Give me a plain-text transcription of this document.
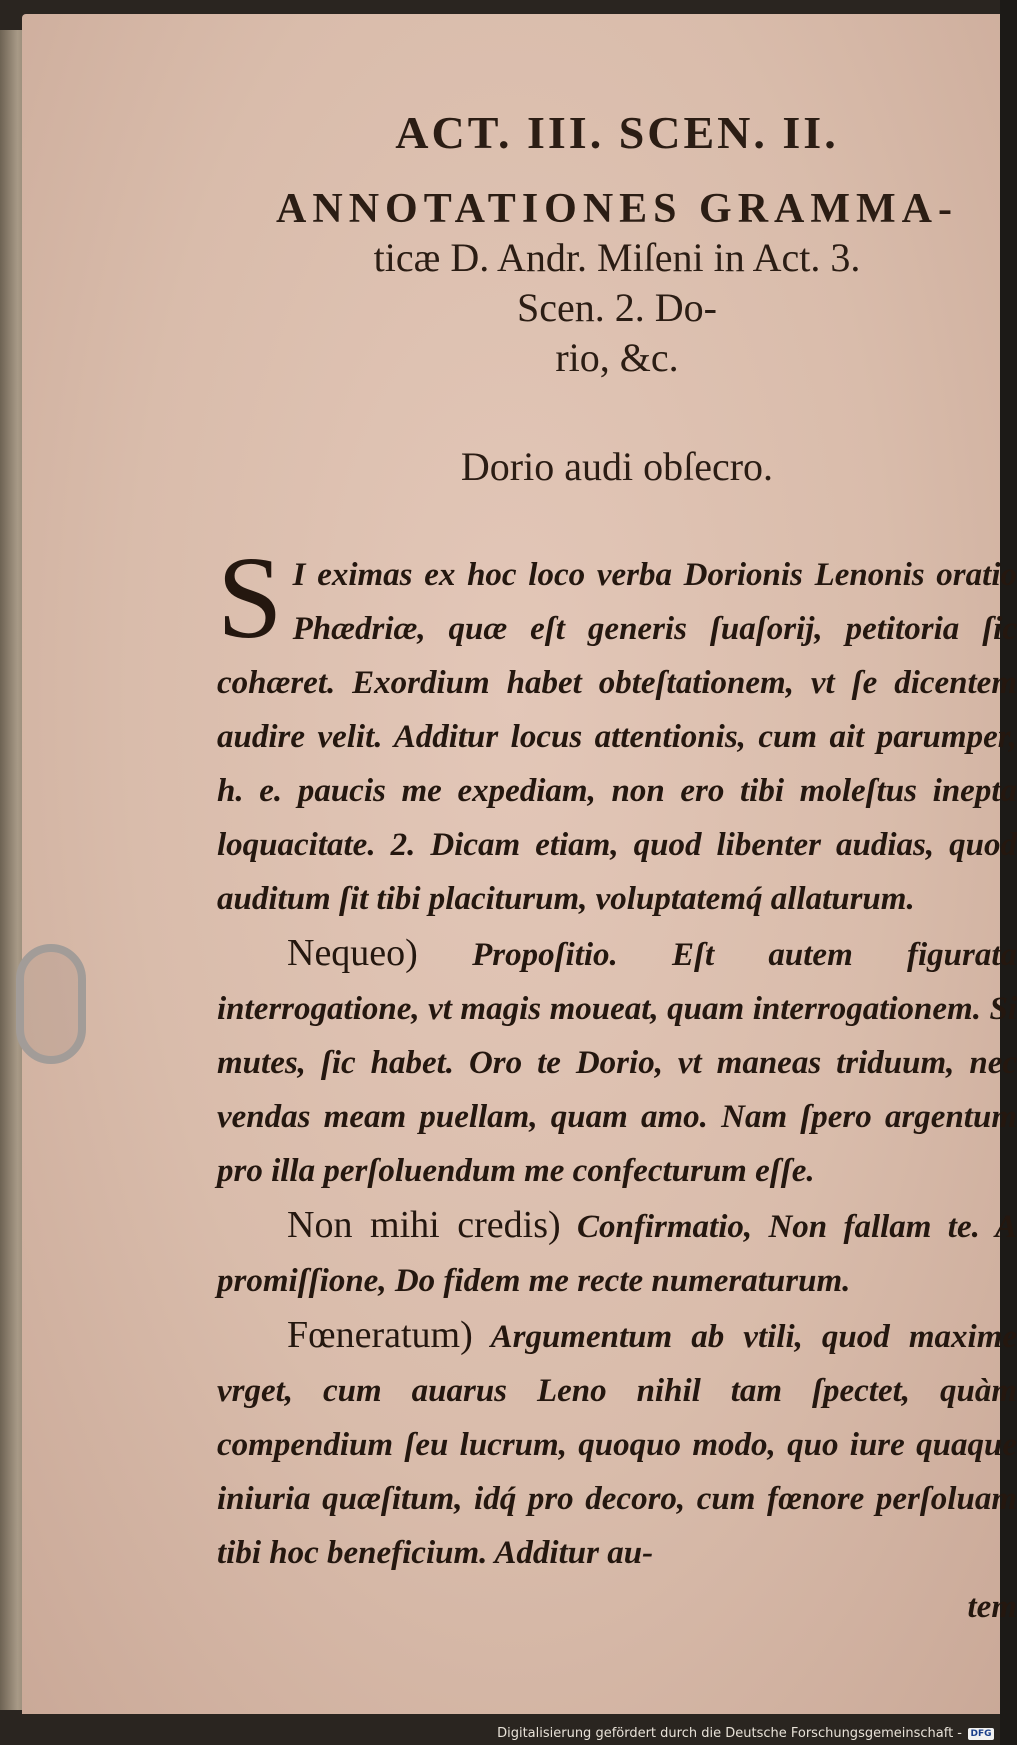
ACT. III. SCEN. II.
ANNOTATIONES GRAMMA-
ticæ D. Andr. Miſeni in Act. 3.
Scen. 2. Do-
rio, &c.
Dorio audi obſecro.

S I eximas ex hoc loco verba Dorionis Lenonis oratio Phædriæ, quæ eſt generis ſuaſorij, petitoria ſic cohæret. Exordium habet obteſtationem, vt ſe dicentem audire velit. Additur locus attentionis, cum ait parumper, h. e. paucis me expediam, non ero tibi moleſtus inepta loquacitate. 2. Dicam etiam, quod libenter audias, quod auditum ſit tibi placiturum, voluptatemq́ allaturum.

Nequeo) Propoſitio. Eſt autem figurata interrogatione, vt magis moueat, quam interrogationem. Si mutes, ſic habet. Oro te Dorio, vt maneas triduum, nec vendas meam puellam, quam amo. Nam ſpero argentum pro illa perſoluendum me confecturum eſſe.

Non mihi credis) Confirmatio, Non fallam te. A promiſſione, Do fidem me recte numeraturum.

Fœneratum) Argumentum ab vtili, quod maxime vrget, cum auarus Leno nihil tam ſpectet, quàm compendium ſeu lucrum, quoquo modo, quo iure quaque iniuria quæſitum, idq́ pro decoro, cum fœnore perſoluam tibi hoc beneficium. Additur au-

tem
Digitalisierung gefördert durch die Deutsche Forschungsgemeinschaft - DFG
